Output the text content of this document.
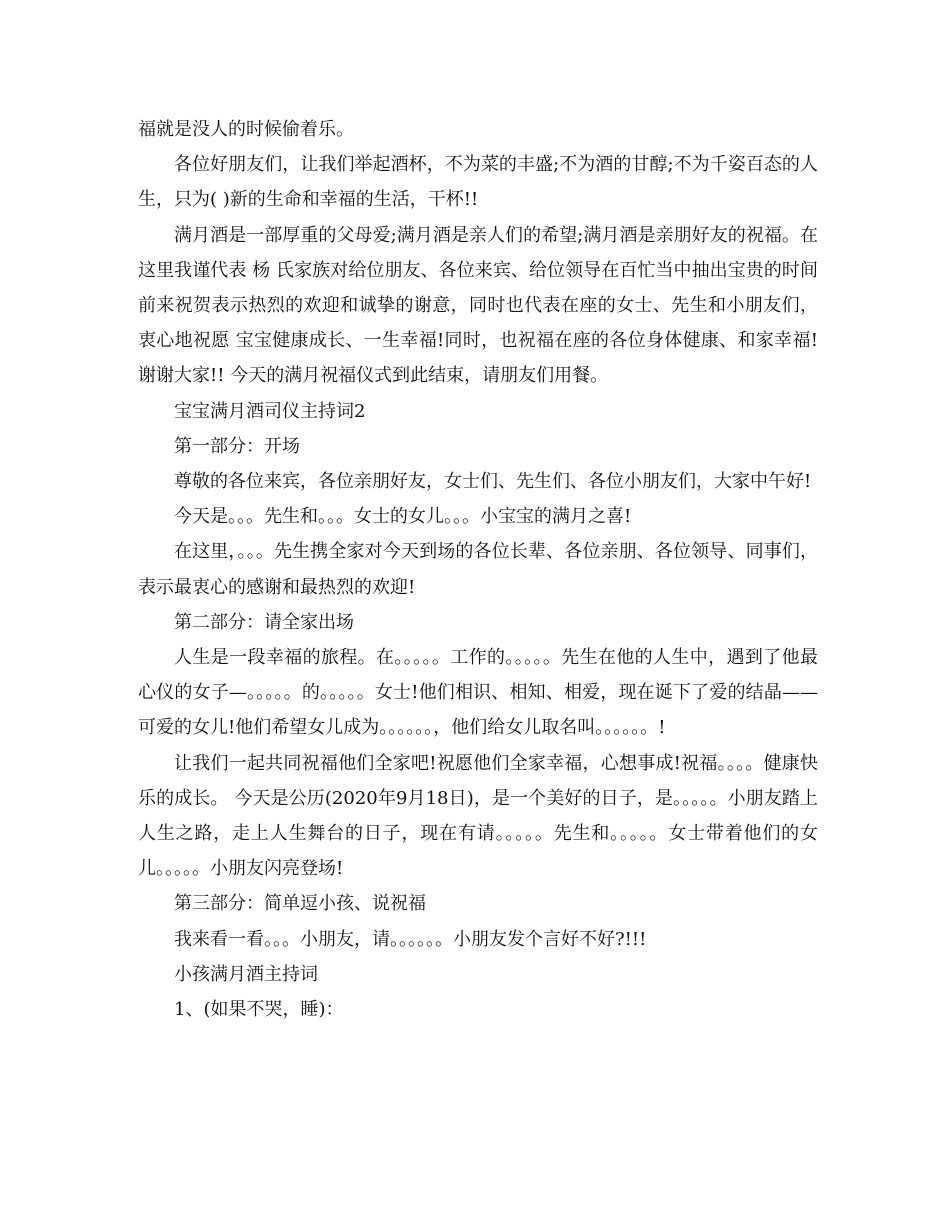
福就是没人的时候偷着乐。

各位好朋友们，让我们举起酒杯，不为菜的丰盛;不为酒的甘醇;不为千姿百态的人生，只为( )新的生命和幸福的生活，干杯!!

满月酒是一部厚重的父母爱;满月酒是亲人们的希望;满月酒是亲朋好友的祝福。在这里我谨代表 杨 氏家族对给位朋友、各位来宾、给位领导在百忙当中抽出宝贵的时间前来祝贺表示热烈的欢迎和诚挚的谢意，同时也代表在座的女士、先生和小朋友们，衷心地祝愿 宝宝健康成长、一生幸福!同时，也祝福在座的各位身体健康、和家幸福!谢谢大家!! 今天的满月祝福仪式到此结束，请朋友们用餐。

宝宝满月酒司仪主持词2

第一部分：开场

尊敬的各位来宾，各位亲朋好友，女士们、先生们、各位小朋友们，大家中午好!

今天是。。。先生和。。。女士的女儿。。。小宝宝的满月之喜!

在这里，。。。先生携全家对今天到场的各位长辈、各位亲朋、各位领导、同事们，表示最衷心的感谢和最热烈的欢迎!

第二部分：请全家出场

人生是一段幸福的旅程。在。。。。。工作的。。。。。先生在他的人生中，遇到了他最心仪的女子—。。。。。的。。。。。女士!他们相识、相知、相爱，现在诞下了爱的结晶—— 可爱的女儿!他们希望女儿成为。。。。。。，他们给女儿取名叫。。。。。。!

让我们一起共同祝福他们全家吧!祝愿他们全家幸福，心想事成!祝福。。。。健康快乐的成长。 今天是公历(2020年9月18日)，是一个美好的日子，是。。。。。小朋友踏上人生之路，走上人生舞台的日子，现在有请。。。。。先生和。。。。。女士带着他们的女儿。。。。。小朋友闪亮登场!

第三部分：简单逗小孩、说祝福

我来看一看。。。小朋友，请。。。。。。小朋友发个言好不好?!!!

小孩满月酒主持词

1、(如果不哭，睡)：
